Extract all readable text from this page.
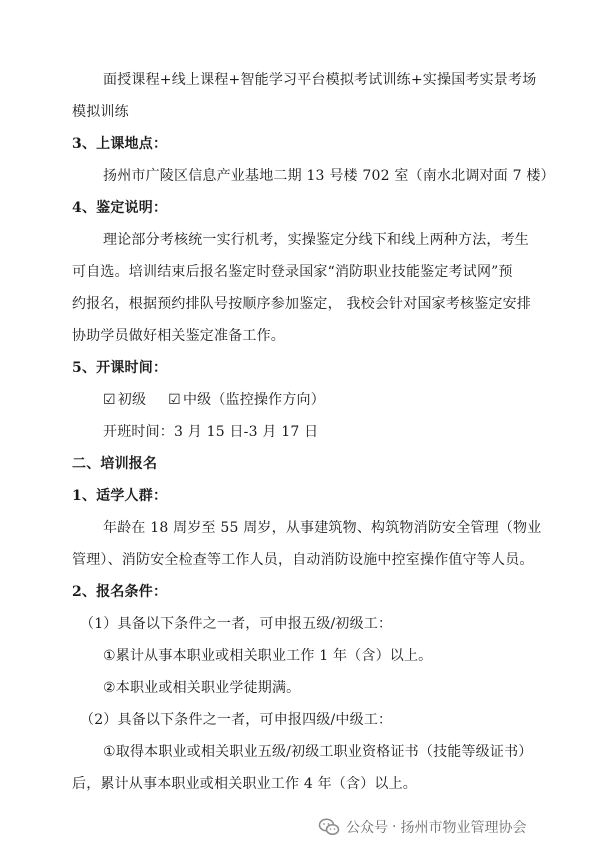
面授课程+线上课程+智能学习平台模拟考试训练+实操国考实景考场
模拟训练
3、上课地点：
扬州市广陵区信息产业基地二期 13 号楼 702 室（南水北调对面 7 楼）
4、鉴定说明：
理论部分考核统一实行机考，实操鉴定分线下和线上两种方法，考生
可自选。培训结束后报名鉴定时登录国家“消防职业技能鉴定考试网”预
约报名，根据预约排队号按顺序参加鉴定， 我校会针对国家考核鉴定安排
协助学员做好相关鉴定准备工作。
5、开课时间：
☑ 初级 ☑ 中级（监控操作方向）
开班时间：3 月 15 日-3 月 17 日
二、培训报名
1、适学人群：
年龄在 18 周岁至 55 周岁，从事建筑物、构筑物消防安全管理（物业
管理）、消防安全检查等工作人员，自动消防设施中控室操作值守等人员。
2、报名条件：
（1）具备以下条件之一者，可申报五级/初级工：
①累计从事本职业或相关职业工作 1 年（含）以上。
②本职业或相关职业学徒期满。
（2）具备以下条件之一者，可申报四级/中级工：
①取得本职业或相关职业五级/初级工职业资格证书（技能等级证书）
后，累计从事本职业或相关职业工作 4 年（含）以上。
公众号 · 扬州市物业管理协会
